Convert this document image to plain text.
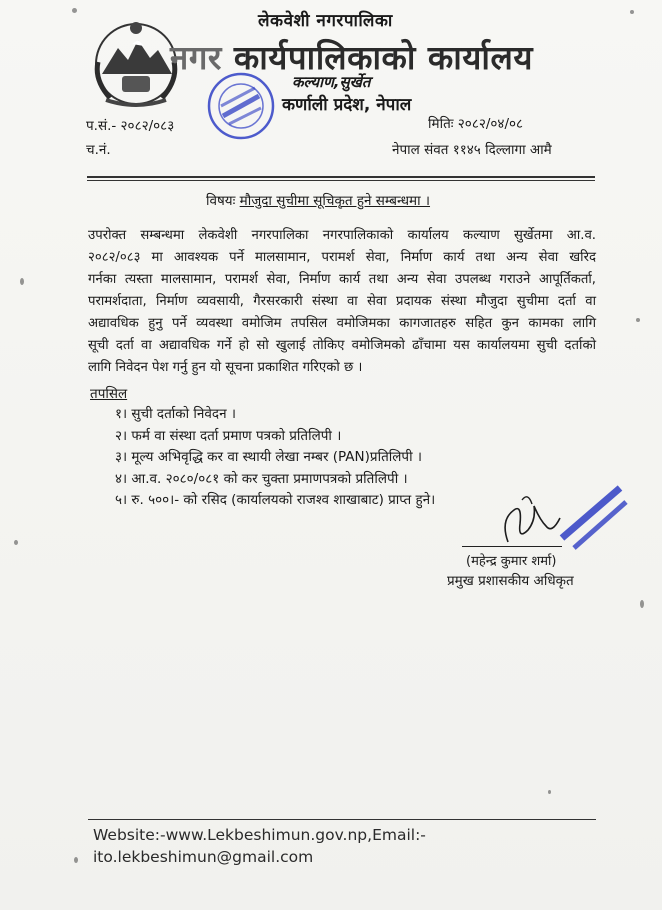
लेकवेशी नगरपालिका
नगर कार्यपालिकाको कार्यालय
कल्याण,सुर्खेत
कर्णाली प्रदेश, नेपाल
प.सं.- २०८२/०८३	मितिः २०८२/०४/०८
च.नं.	नेपाल संवत ११४५ दिल्लागा आमै
विषयः मौजुदा सुचीमा सूचिकृत हुने सम्बन्धमा ।
उपरोक्त सम्बन्धमा लेकवेशी नगरपालिका नगरपालिकाको कार्यालय कल्याण सुर्खेतमा आ.व.
२०८२/०८३ मा आवश्यक पर्ने मालसामान, परामर्श सेवा, निर्माण कार्य तथा अन्य सेवा खरिद
गर्नका त्यस्ता मालसामान, परामर्श सेवा, निर्माण कार्य तथा अन्य सेवा उपलब्ध गराउने आपूर्तिकर्ता,
परामर्शदाता, निर्माण व्यवसायी, गैरसरकारी संस्था वा सेवा प्रदायक संस्था मौजुदा सुचीमा दर्ता वा
अद्यावधिक हुनु पर्ने व्यवस्था वमोजिम तपसिल वमोजिमका कागजातहरु सहित कुन कामका लागि
सूची दर्ता वा अद्यावधिक गर्ने हो सो खुलाई तोकिए वमोजिमको ढाँचामा यस कार्यालयमा सुची दर्ताको
लागि निवेदन पेश गर्नु हुन यो सूचना प्रकाशित गरिएको छ ।
तपसिल
१। सुची दर्ताको निवेदन ।
२। फर्म वा संस्था दर्ता प्रमाण पत्रको प्रतिलिपी ।
३। मूल्य अभिवृद्धि कर वा स्थायी लेखा नम्बर (PAN)प्रतिलिपी ।
४। आ.व. २०८०/०८१ को कर चुक्ता प्रमाणपत्रको प्रतिलिपी ।
५। रु. ५००।- को रसिद (कार्यालयको राजश्व शाखाबाट) प्राप्त हुने।
(महेन्द्र कुमार शर्मा)
प्रमुख प्रशासकीय अधिकृत
Website:-www.Lekbeshimun.gov.np,Email:-
ito.lekbeshimun@gmail.com
